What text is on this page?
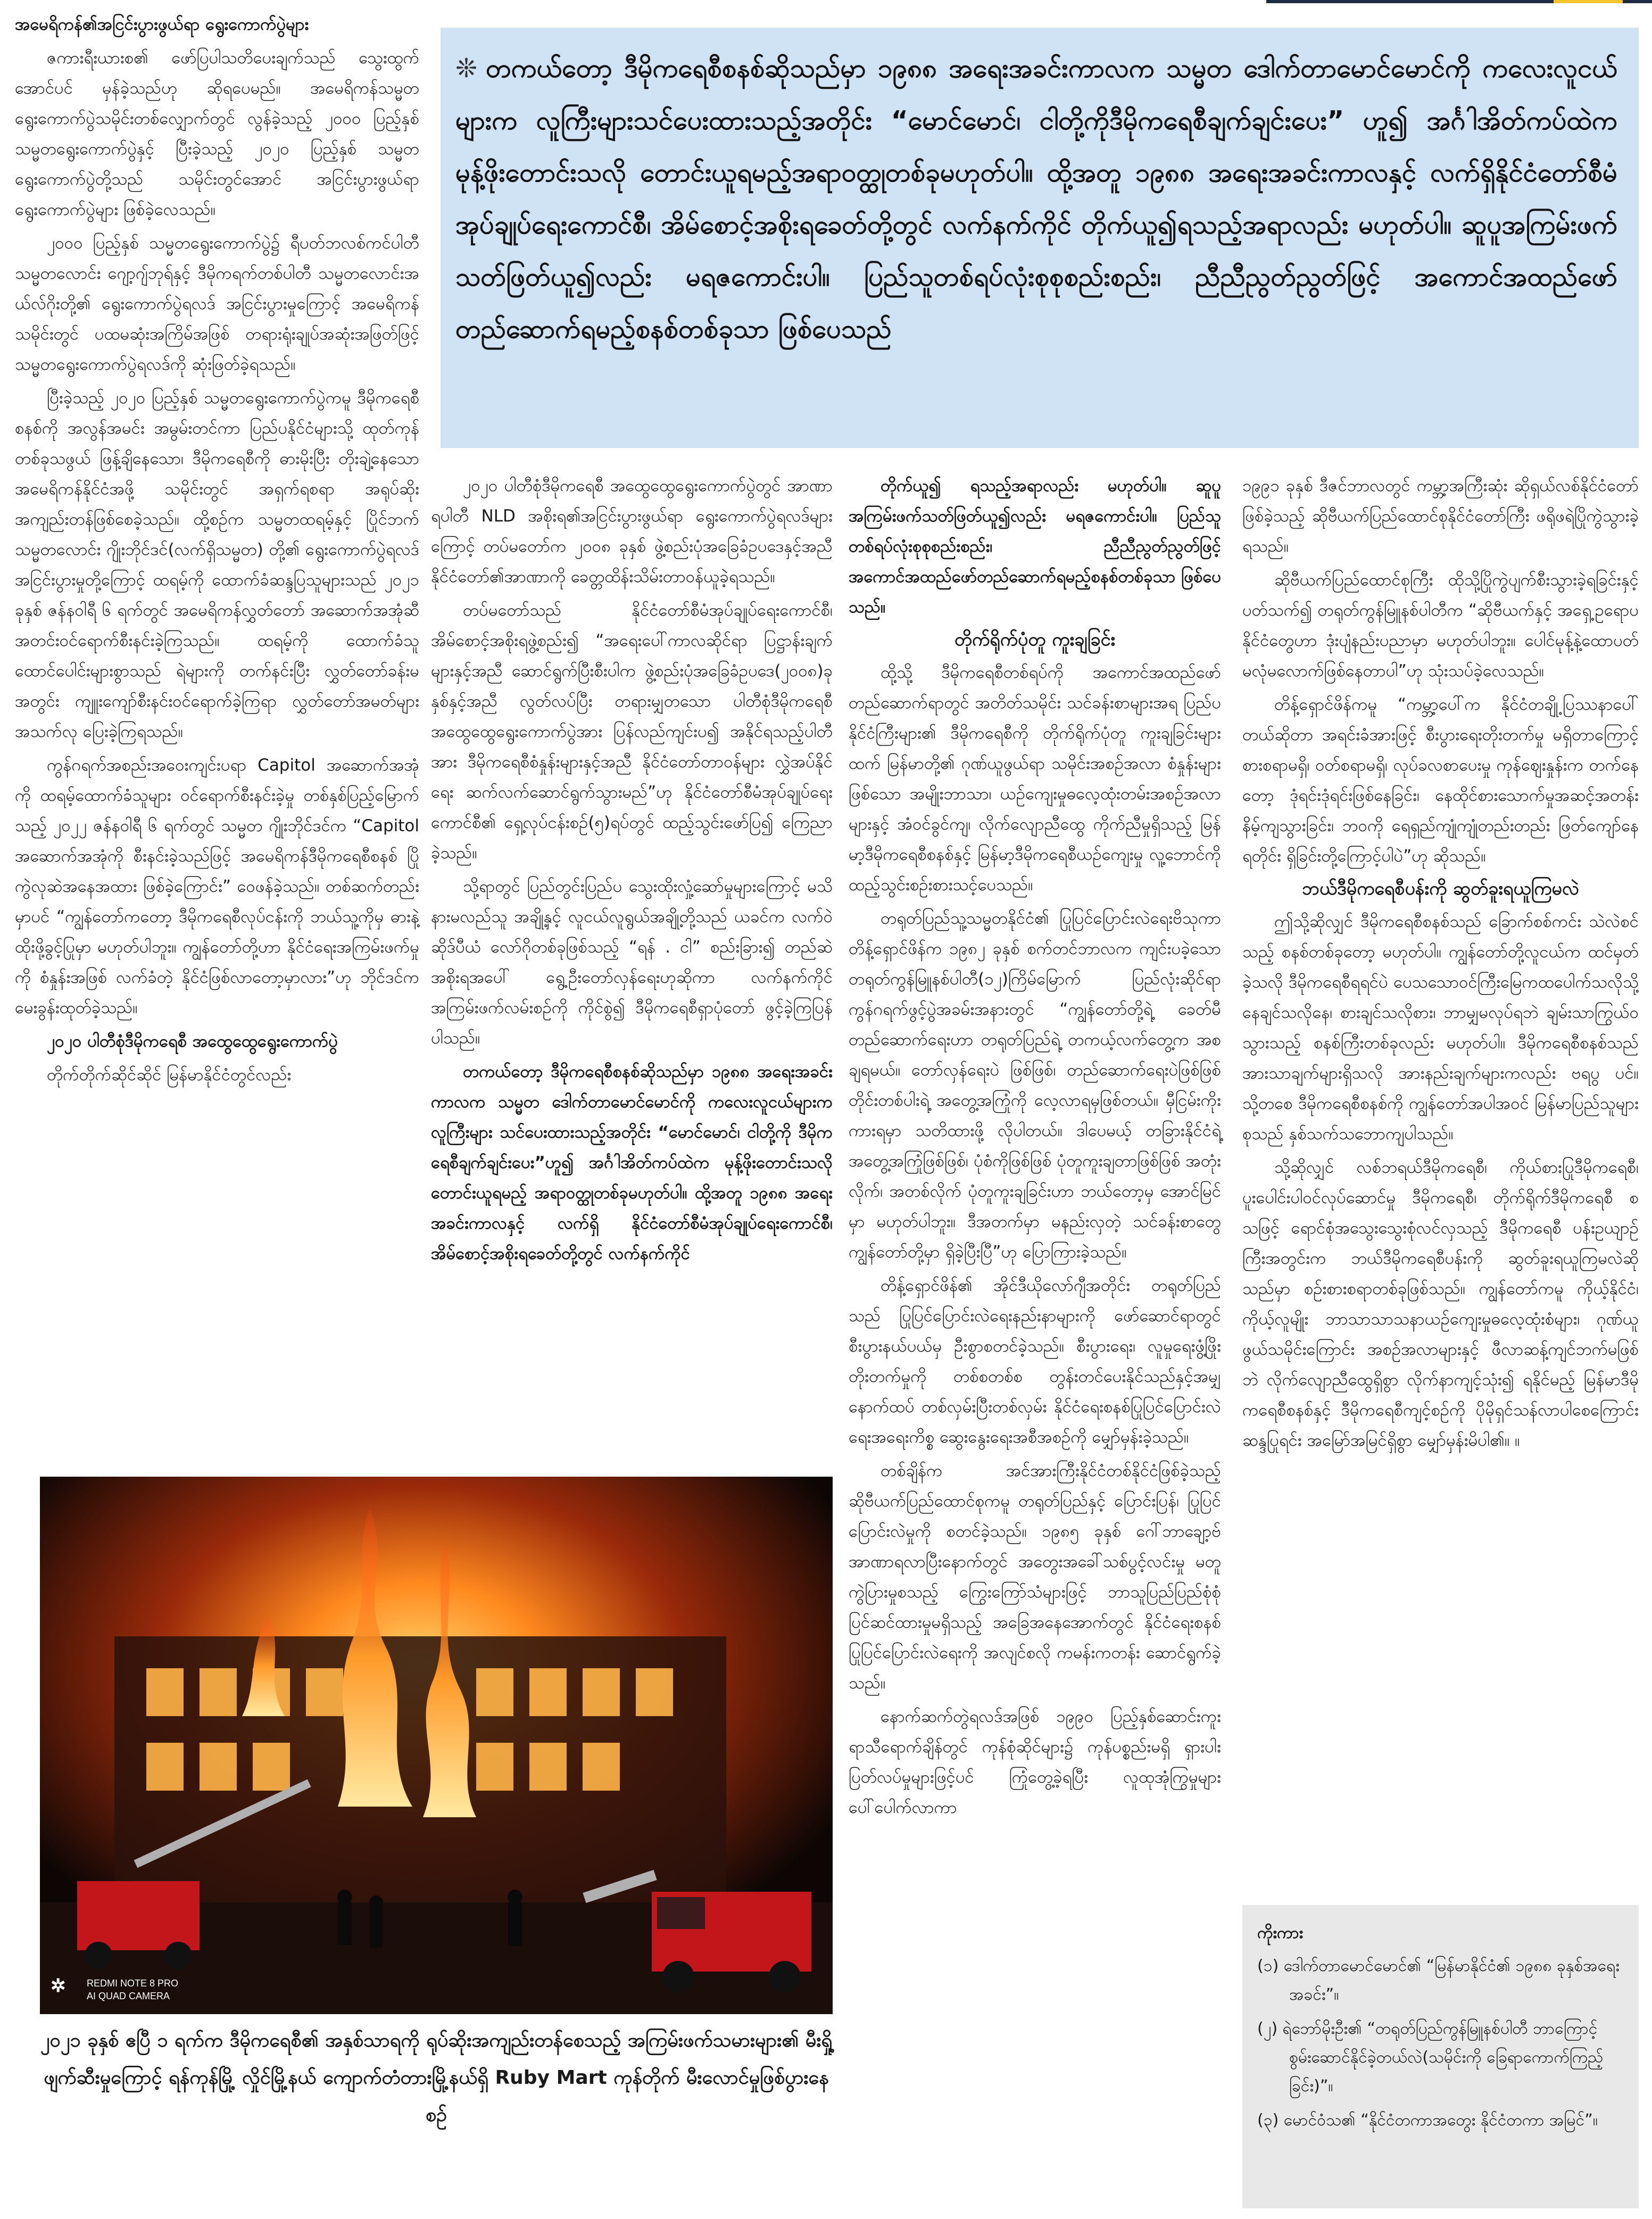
အမေရိကန်၏အငြင်းပွားဖွယ်ရာ ရွေးကောက်ပွဲများ

ဇကားရီးယားစ၏ ဖော်ပြပါသတိပေးချက်သည် သွေးထွက်အောင်ပင် မှန်ခဲ့သည်ဟု ဆိုရပေမည်။ အမေရိကန်သမ္မတ ရွေးကောက်ပွဲသမိုင်းတစ်လျှောက်တွင် လွန်ခဲ့သည့် ၂၀၀၀ ပြည့်နှစ် သမ္မတရွေးကောက်ပွဲနှင့် ပြီးခဲ့သည့် ၂၀၂၀ ပြည့်နှစ် သမ္မတ ရွေးကောက်ပွဲတို့သည် သမိုင်းတွင်အောင် အငြင်းပွားဖွယ်ရာ ရွေးကောက်ပွဲများ ဖြစ်ခဲ့လေသည်။

၂၀၀၀ ပြည့်နှစ် သမ္မတရွေးကောက်ပွဲ၌ ရီပတ်ဘလစ်ကင်ပါတီ သမ္မတလောင်း ဂျော့ဂျ်ဘုရ်နှင့် ဒီမိုကရက်တစ်ပါတီ သမ္မတလောင်းအယ်လ်ဂိုးတို့၏ ရွေးကောက်ပွဲရလဒ် အငြင်းပွားမှုကြောင့် အမေရိကန်သမိုင်းတွင် ပထမဆုံးအကြိမ်အဖြစ် တရားရုံးချုပ်အဆုံးအဖြတ်ဖြင့်သမ္မတရွေးကောက်ပွဲရလဒ်ကို ဆုံးဖြတ်ခဲ့ရသည်။

ပြီးခဲ့သည့် ၂၀၂၀ ပြည့်နှစ် သမ္မတရွေးကောက်ပွဲကမူ ဒီမိုကရေစီစနစ်ကို အလွန်အမင်း အမွမ်းတင်ကာ ပြည်ပနိုင်ငံများသို့ ထုတ်ကုန်တစ်ခုသဖွယ် ဖြန့်ချိနေသော၊ ဒီမိုကရေစီကို ဓားမိုးပြီး တိုးချဲ့နေသော အမေရိကန်နိုင်ငံအဖို့ သမိုင်းတွင် အရှက်ရစရာ အရုပ်ဆိုးအကျည်းတန်ဖြစ်စေခဲ့သည်။ ထို့စဉ်က သမ္မတထရမ့်နှင့် ပြိုင်ဘက်သမ္မတလောင်း ဂျိုးဘိုင်ဒင်(လက်ရှိသမ္မတ) တို့၏ ရွေးကောက်ပွဲရလဒ် အငြင်းပွားမှုတို့ကြောင့် ထရမ့်ကို ထောက်ခံဆန္ဒပြသူများသည် ၂၀၂၁ ခုနှစ် ဇန်နဝါရီ ၆ ရက်တွင် အမေရိကန်လွှတ်တော် အဆောက်အအုံဆီ အတင်းဝင်ရောက်စီးနင်းခဲ့ကြသည်။ ထရမ့်ကို ထောက်ခံသူ ထောင်ပေါင်းများစွာသည် ရဲများကို တက်နင်းပြီး လွှတ်တော်ခန်းမအတွင်း ကျူးကျော်စီးနင်းဝင်ရောက်ခဲ့ကြရာ လွှတ်တော်အမတ်များ အသက်လု ပြေးခဲ့ကြရသည်။

ကွန်ဂရက်အစည်းအဝေးကျင်းပရာ Capitol အဆောက်အအုံကို ထရမ့်ထောက်ခံသူများ ဝင်ရောက်စီးနင်းခဲ့မှု တစ်နှစ်ပြည့်မြောက်သည့် ၂၀၂၂ ဇန်နဝါရီ ၆ ရက်တွင် သမ္မတ ဂျိုးဘိုင်ဒင်က “Capitol အဆောက်အအုံကို စီးနင်းခဲ့သည်ဖြင့် အမေရိကန်ဒီမိုကရေစီစနစ် ပြိုကွဲလုဆဲအနေအထား ဖြစ်ခဲ့ကြောင်း” ဝေဖန်ခဲ့သည်။ တစ်ဆက်တည်းမှာပင် “ကျွန်တော်ကတော့ ဒီမိုကရေစီလုပ်ငန်းကို ဘယ်သူ့ကိုမှ ဓားနဲ့ထိုးဖို့ခွင့်ပြုမှာ မဟုတ်ပါဘူး။ ကျွန်တော်တို့ဟာ နိုင်ငံရေးအကြမ်းဖက်မှုကို စံနှုန်းအဖြစ် လက်ခံတဲ့ နိုင်ငံဖြစ်လာတော့မှာလား”ဟု ဘိုင်ဒင်က မေးခွန်းထုတ်ခဲ့သည်။

၂၀၂၀ ပါတီစုံဒီမိုကရေစီ အထွေထွေရွေးကောက်ပွဲ

တိုက်တိုက်ဆိုင်ဆိုင် မြန်မာနိုင်ငံတွင်လည်း

❊ တကယ်တော့ ဒီမိုကရေစီစနစ်ဆိုသည်မှာ ၁၉၈၈ အရေးအခင်းကာလက သမ္မတ ဒေါက်တာမောင်မောင်ကို ကလေးလူငယ်များက လူကြီးများသင်ပေးထားသည့်အတိုင်း “မောင်မောင်၊ ငါတို့ကိုဒီမိုကရေစီချက်ချင်းပေး” ဟူ၍ အင်္ဂါအိတ်ကပ်ထဲက မုန့်ဖိုးတောင်းသလို တောင်းယူရမည့်အရာဝတ္ထုတစ်ခုမဟုတ်ပါ။ ထို့အတူ ၁၉၈၈ အရေးအခင်းကာလနှင့် လက်ရှိနိုင်ငံတော်စီမံအုပ်ချုပ်ရေးကောင်စီ၊ အိမ်စောင့်အစိုးရခေတ်တို့တွင် လက်နက်ကိုင် တိုက်ယူ၍ရသည့်အရာလည်း မဟုတ်ပါ။ ဆူပူအကြမ်းဖက်သတ်ဖြတ်ယူ၍လည်း မရဇကောင်းပါ။ ပြည်သူတစ်ရပ်လုံးစုစုစည်းစည်း၊ ညီညီညွတ်ညွတ်ဖြင့် အကောင်အထည်ဖော်တည်ဆောက်ရမည့်စနစ်တစ်ခုသာ ဖြစ်ပေသည်

၂၀၂၀ ပါတီစုံဒီမိုကရေစီ အထွေထွေရွေးကောက်ပွဲတွင် အာဏာရပါတီ NLD အစိုးရ၏အငြင်းပွားဖွယ်ရာ ရွေးကောက်ပွဲရလဒ်များကြောင့် တပ်မတော်က ၂၀၀၈ ခုနှစ် ဖွဲ့စည်းပုံအခြေခံဥပဒေနှင့်အညီ နိုင်ငံတော်၏အာဏာကို ခေတ္တထိန်းသိမ်းတာဝန်ယူခဲ့ရသည်။

တပ်မတော်သည် နိုင်ငံတော်စီမံအုပ်ချုပ်ရေးကောင်စီ၊ အိမ်စောင့်အစိုးရဖွဲ့စည်း၍ “အရေးပေါ်ကာလဆိုင်ရာ ပြဋ္ဌာန်းချက်များနှင့်အညီ ဆောင်ရွက်ပြီးစီးပါက ဖွဲ့စည်းပုံအခြေခံဥပဒေ(၂၀၀၈)ခုနှစ်နှင့်အညီ လွတ်လပ်ပြီး တရားမျှတသော ပါတီစုံဒီမိုကရေစီ အထွေထွေရွေးကောက်ပွဲအား ပြန်လည်ကျင်းပ၍ အနိုင်ရသည့်ပါတီအား ဒီမိုကရေစီစံနှုန်းများနှင့်အညီ နိုင်ငံတော်တာဝန်များ လွှဲအပ်နိုင်ရေး ဆက်လက်ဆောင်ရွက်သွားမည်”ဟု နိုင်ငံတော်စီမံအုပ်ချုပ်ရေးကောင်စီ၏ ရှေ့လုပ်ငန်းစဉ်(၅)ရပ်တွင် ထည့်သွင်းဖော်ပြ၍ ကြေညာခဲ့သည်။

သို့ရာတွင် ပြည်တွင်းပြည်ပ သွေးထိုးလှုံ့ဆော်မှုများကြောင့် မသိနားမလည်သူ အချို့နှင့် လူငယ်လူရွယ်အချို့တို့သည် ယခင်က လက်ဝဲဆိုဒ်ပီယံ လော်ဂိုတစ်ခုဖြစ်သည့် “ရန် . ငါ” စည်းခြား၍ တည်ဆဲအစိုးရအပေါ် ရွေ့ဦးတော်လှန်ရေးဟုဆိုကာ လက်နက်ကိုင်အကြမ်းဖက်လမ်းစဉ်ကို ကိုင်စွဲ၍ ဒီမိုကရေစီရှာပုံတော် ဖွင့်ခဲ့ကြပြန်ပါသည်။

တကယ်တော့ ဒီမိုကရေစီစနစ်ဆိုသည်မှာ ၁၉၈၈ အရေးအခင်းကာလက သမ္မတ ဒေါက်တာမောင်မောင်ကို ကလေးလူငယ်များက လူကြီးများ သင်ပေးထားသည့်အတိုင်း “မောင်မောင်၊ ငါတို့ကို ဒီမိုကရေစီချက်ချင်းပေး”ဟူ၍ အင်္ဂါအိတ်ကပ်ထဲက မုန့်ဖိုးတောင်းသလို တောင်းယူရမည့် အရာဝတ္ထုတစ်ခုမဟုတ်ပါ။ ထို့အတူ ၁၉၈၈ အရေးအခင်းကာလနှင့် လက်ရှိ နိုင်ငံတော်စီမံအုပ်ချုပ်ရေးကောင်စီ၊ အိမ်စောင့်အစိုးရခေတ်တို့တွင် လက်နက်ကိုင်

တိုက်ယူ၍ ရသည့်အရာလည်း မဟုတ်ပါ။ ဆူပူအကြမ်းဖက်သတ်ဖြတ်ယူ၍လည်း မရဇကောင်းပါ။ ပြည်သူတစ်ရပ်လုံးစုစုစည်းစည်း၊ ညီညီညွတ်ညွတ်ဖြင့် အကောင်အထည်ဖော်တည်ဆောက်ရမည့်စနစ်တစ်ခုသာ ဖြစ်ပေသည်။

တိုက်ရိုက်ပုံတူ ကူးချခြင်း

ထို့သို့ ဒီမိုကရေစီတစ်ရပ်ကို အကောင်အထည်ဖော် တည်ဆောက်ရာတွင် အတိတ်သမိုင်း သင်ခန်းစာများအရ ပြည်ပနိုင်ငံကြီးများ၏ ဒီမိုကရေစီကို တိုက်ရိုက်ပုံတူ ကူးချခြင်းများထက် မြန်မာတို့၏ ဂုဏ်ယူဖွယ်ရာ သမိုင်းအစဉ်အလာ စံနှုန်းများဖြစ်သော အမျိုးဘာသာ၊ ယဉ်ကျေးမှုဓလေ့ထုံးတမ်းအစဉ်အလာများနှင့် အံဝင်ခွင်ကျ၊ လိုက်လျောညီထွေ ကိုက်ညီမှုရှိသည့် မြန်မာ့ဒီမိုကရေစီစနစ်နှင့် မြန်မာ့ဒီမိုကရေစီယဉ်ကျေးမှု လူ့ဘောင်ကို ထည့်သွင်းစဉ်းစားသင့်ပေသည်။

တရုတ်ပြည်သူ့သမ္မတနိုင်ငံ၏ ပြုပြင်ပြောင်းလဲရေးဗိသုကာ တိန့်ရှောင်ဖိန်က ၁၉၈၂ ခုနှစ် စက်တင်ဘာလက ကျင်းပခဲ့သော တရုတ်ကွန်မြူနစ်ပါတီ(၁၂)ကြိမ်မြောက် ပြည်လုံးဆိုင်ရာ ကွန်ဂရက်ဖွင့်ပွဲအခမ်းအနားတွင် “ကျွန်တော်တို့ရဲ့ ခေတ်မီတည်ဆောက်ရေးဟာ တရုတ်ပြည်ရဲ့ တကယ့်လက်တွေ့က အစချရမယ်။ တော်လှန်ရေးပဲ ဖြစ်ဖြစ်၊ တည်ဆောက်ရေးပဲဖြစ်ဖြစ် တိုင်းတစ်ပါးရဲ့ အတွေ့အကြုံကို လေ့လာရမှဖြစ်တယ်။ မှီငြမ်းကိုးကားရမှာ သတိထားဖို့ လိုပါတယ်။ ဒါပေမယ့် တခြားနိုင်ငံရဲ့ အတွေ့အကြုံဖြစ်ဖြစ်၊ ပုံစံကိုဖြစ်ဖြစ် ပုံတူကူးချတာဖြစ်ဖြစ် အတုံးလိုက်၊ အတစ်လိုက် ပုံတူကူးချခြင်းဟာ ဘယ်တော့မှ အောင်မြင်မှာ မဟုတ်ပါဘူး။ ဒီအတက်မှာ မနည်းလှတဲ့ သင်ခန်းစာတွေ ကျွန်တော်တို့မှာ ရှိခဲ့ပြီးပြီ”ဟု ပြောကြားခဲ့သည်။

တိန့်ရှောင်ဖိန်၏ အိုင်ဒီယိုလော်ဂျီအတိုင်း တရုတ်ပြည်သည် ပြုပြင်ပြောင်းလဲရေးနည်းနာများကို ဖော်ဆောင်ရာတွင် စီးပွားနယ်ပယ်မှ ဦးစွာစတင်ခဲ့သည်။ စီးပွားရေး၊ လူမှုရေးဖွံ့ဖြိုးတိုးတက်မှုကို တစ်စတစ်စ တွန်းတင်ပေးနိုင်သည်နှင့်အမျှ နောက်ထပ် တစ်လှမ်းပြီးတစ်လှမ်း နိုင်ငံရေးစနစ်ပြုပြင်ပြောင်းလဲရေးအရေးကိစ္စ ဆွေးနွေးရေးအစီအစဉ်ကို မျှော်မှန်းခဲ့သည်။

တစ်ချိန်က အင်အားကြီးနိုင်ငံတစ်နိုင်ငံဖြစ်ခဲ့သည့် ဆိုဗီယက်ပြည်ထောင်စုကမူ တရုတ်ပြည်နှင့် ပြောင်းပြန်၊ ပြုပြင်ပြောင်းလဲမှုကို စတင်ခဲ့သည်။ ၁၉၈၅ ခုနှစ် ဂေါ်ဘာချော့ဗ် အာဏာရလာပြီးနောက်တွင် အတွေးအခေါ်သစ်ပွင့်လင်းမှု မတူကွဲပြားမှုစသည့် ကြွေးကြော်သံများဖြင့် ဘာသူပြည်ပြည်စုံစုံ ပြင်ဆင်ထားမှုမရှိသည့် အခြေအနေအောက်တွင် နိုင်ငံရေးစနစ် ပြုပြင်ပြောင်းလဲရေးကို အလျင်စလို ကမန်းကတန်း ဆောင်ရွက်ခဲ့သည်။

နောက်ဆက်တွဲရလဒ်အဖြစ် ၁၉၉၀ ပြည့်နှစ်ဆောင်းကူးရာသီရောက်ချိန်တွင် ကုန်စုံဆိုင်များ၌ ကုန်ပစ္စည်းမရှိ ရှားပါးပြတ်လပ်မှုများဖြင့်ပင် ကြုံတွေ့ခဲ့ရပြီး လူထုအုံကြွမှုများ ပေါ်ပေါက်လာကာ

၁၉၉၁ ခုနှစ် ဒီဇင်ဘာလတွင် ကမ္ဘာ့အကြီးဆုံး ဆိုရှယ်လစ်နိုင်ငံတော်ဖြစ်ခဲ့သည့် ဆိုဗီယက်ပြည်ထောင်စုနိုင်ငံတော်ကြီး ဖရိုဖရဲပြိုကွဲသွားခဲ့ရသည်။

ဆိုဗီယက်ပြည်ထောင်စုကြီး ထိုသို့ပြိုကွဲပျက်စီးသွားခဲ့ရခြင်းနှင့်ပတ်သက်၍ တရုတ်ကွန်မြူနစ်ပါတီက “ဆိုဗီယက်နှင့် အရှေ့ဥရောပနိုင်ငံတွေဟာ ဒုံးပျံနည်းပညာမှာ မဟုတ်ပါဘူး။ ပေါင်မုန့်နဲ့ထောပတ် မလုံမလောက်ဖြစ်နေတာပါ”ဟု သုံးသပ်ခဲ့လေသည်။

တိန့်ရှောင်ဖိန်ကမူ “ကမ္ဘာ့ပေါ်က နိုင်ငံတချို့ပြဿနာပေါ်တယ်ဆိုတာ အရင်းခံအားဖြင့် စီးပွားရေးတိုးတက်မှု မရှိတာကြောင့် စားစရာမရှိ၊ ဝတ်စရာမရှိ၊ လုပ်ခလစာပေးမှု ကုန်ဈေးနှုန်းက တက်နေတော့ ဒုံရင်းဒုံရင်းဖြစ်နေခြင်း၊ နေထိုင်စားသောက်မှုအဆင့်အတန်း နိမ့်ကျသွားခြင်း၊ ဘဝကို ရေရှည်ကျုံကျုံတည်းတည်း ဖြတ်ကျော်နေရတိုင်း ရှိခြင်းတို့ကြောင့်ပါပဲ”ဟု ဆိုသည်။

ဘယ်ဒီမိုကရေစီပန်းကို ဆွတ်ခူးရယူကြမလဲ

ဤသို့ဆိုလျှင် ဒီမိုကရေစီစနစ်သည် ခြောက်စစ်ကင်း သဲလဲစင်သည့် စနစ်တစ်ခုတော့ မဟုတ်ပါ။ ကျွန်တော်တို့လူငယ်က ထင်မှတ်ခဲ့သလို ဒီမိုကရေစီရရင်ပဲ ပေသသောဝင်ကြီးမြေကထပေါက်သလိုသို့ နေချင်သလိုနေ၊ စားချင်သလိုစား၊ ဘာမျှမလုပ်ရဘဲ ချမ်းသာကြွယ်ဝသွားသည့် စနစ်ကြီးတစ်ခုလည်း မဟုတ်ပါ။ ဒီမိုကရေစီစနစ်သည် အားသာချက်များရှိသလို အားနည်းချက်များကလည်း ဗရပွ ပင်။ သို့တစေ ဒီမိုကရေစီစနစ်ကို ကျွန်တော်အပါအဝင် မြန်မာပြည်သူများစုသည် နှစ်သက်သဘောကျပါသည်။

သို့ဆိုလျှင် လစ်ဘရယ်ဒီမိုကရေစီ၊ ကိုယ်စားပြုဒီမိုကရေစီ၊ ပူးပေါင်းပါဝင်လုပ်ဆောင်မှု ဒီမိုကရေစီ၊ တိုက်ရိုက်ဒီမိုကရေစီ စသဖြင့် ရောင်စုံအသွေးသွေးစုံလင်လှသည့် ဒီမိုကရေစီ ပန်းဥယျာဉ်ကြီးအတွင်းက ဘယ်ဒီမိုကရေစီပန်းကို ဆွတ်ခူးရယူကြမလဲဆိုသည်မှာ စဉ်းစားစရာတစ်ခုဖြစ်သည်။ ကျွန်တော်ကမူ ကိုယ့်နိုင်ငံ၊ ကိုယ့်လူမျိုး ဘာသာသာသနာယဉ်ကျေးမှုဓလေ့ထုံးစံများ၊ ဂုဏ်ယူဖွယ်သမိုင်းကြောင်း အစဉ်အလာများနှင့် ဖီလာဆန့်ကျင်ဘက်မဖြစ်ဘဲ လိုက်လျောညီထွေရှိစွာ လိုက်နာကျင့်သုံး၍ ရနိုင်မည့် မြန်မာဒီမိုကရေစီစနစ်နှင့် ဒီမိုကရေစီကျင့်စဉ်ကို ပိုမိုရှင်သန်လာပါစေကြောင်း ဆန္ဒပြုရင်း အမြော်အမြင်ရှိစွာ မျှော်မှန်းမိပါ၏။ ။

✲ REDMI NOTE 8 PRO
AI QUAD CAMERA
၂၀၂၁ ခုနှစ် ဧပြီ ၁ ရက်က ဒီမိုကရေစီ၏ အနှစ်သာရကို ရုပ်ဆိုးအကျည်းတန်စေသည့် အကြမ်းဖက်သမားများ၏ မီးရှို့ဖျက်ဆီးမှုကြောင့် ရန်ကုန်မြို့ လှိုင်မြို့နယ် ကျောက်တံတားမြို့နယ်ရှိ Ruby Mart ကုန်တိုက် မီးလောင်မှုဖြစ်ပွားနေစဉ်
ကိုးကား
(၁) ဒေါက်တာမောင်မောင်၏ “မြန်မာနိုင်ငံ၏ ၁၉၈၈ ခုနှစ်အရေးအခင်း”။
(၂) ရဲဘော်မိုးဦး၏ “တရုတ်ပြည်ကွန်မြူနစ်ပါတီ ဘာကြောင့်စွမ်းဆောင်နိုင်ခဲ့တယ်လဲ(သမိုင်းကို ခြေရာကောက်ကြည့်ခြင်း)”။
(၃) မောင်ဝံသ၏ “နိုင်ငံတကာအတွေး နိုင်ငံတကာ အမြင်”။
